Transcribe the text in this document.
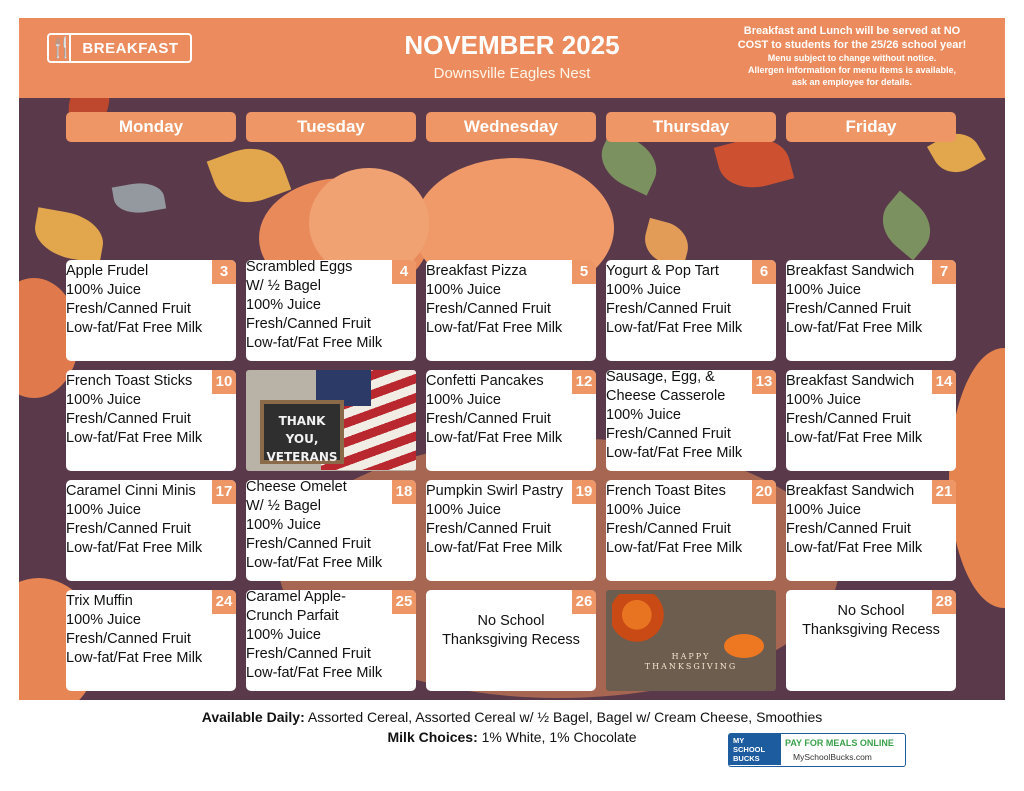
🍴 BREAKFAST	NOVEMBER 2025
Downsville Eagles Nest
Breakfast and Lunch will be served at NO
COST to students for the 25/26 school year!
Menu subject to change without notice.
Allergen information for menu items is available,
ask an employee for details.
Monday	Tuesday	Wednesday	Thursday	Friday
3
Apple Frudel
100% Juice
Fresh/Canned Fruit
Low-fat/Fat Free Milk
4
Scrambled Eggs
W/ ½ Bagel
100% Juice
Fresh/Canned Fruit
Low-fat/Fat Free Milk
5
Breakfast Pizza
100% Juice
Fresh/Canned Fruit
Low-fat/Fat Free Milk
6
Yogurt & Pop Tart
100% Juice
Fresh/Canned Fruit
Low-fat/Fat Free Milk
7
Breakfast Sandwich
100% Juice
Fresh/Canned Fruit
Low-fat/Fat Free Milk
10
French Toast Sticks
100% Juice
Fresh/Canned Fruit
Low-fat/Fat Free Milk
THANK YOU,
VETERANS
12
Confetti Pancakes
100% Juice
Fresh/Canned Fruit
Low-fat/Fat Free Milk
13
Sausage, Egg, &
Cheese Casserole
100% Juice
Fresh/Canned Fruit
Low-fat/Fat Free Milk
14
Breakfast Sandwich
100% Juice
Fresh/Canned Fruit
Low-fat/Fat Free Milk
17
Caramel Cinni Minis
100% Juice
Fresh/Canned Fruit
Low-fat/Fat Free Milk
18
Cheese Omelet
W/ ½ Bagel
100% Juice
Fresh/Canned Fruit
Low-fat/Fat Free Milk
19
Pumpkin Swirl Pastry
100% Juice
Fresh/Canned Fruit
Low-fat/Fat Free Milk
20
French Toast Bites
100% Juice
Fresh/Canned Fruit
Low-fat/Fat Free Milk
21
Breakfast Sandwich
100% Juice
Fresh/Canned Fruit
Low-fat/Fat Free Milk
24
Trix Muffin
100% Juice
Fresh/Canned Fruit
Low-fat/Fat Free Milk
25
Caramel Apple-
Crunch Parfait
100% Juice
Fresh/Canned Fruit
Low-fat/Fat Free Milk
26
No School
Thanksgiving Recess
HAPPY
THANKSGIVING
28
No School
Thanksgiving Recess
Available Daily: Assorted Cereal, Assorted Cereal w/ ½ Bagel, Bagel w/ Cream Cheese, Smoothies
Milk Choices: 1% White, 1% Chocolate	MY
SCHOOL
BUCKS
PAY FOR MEALS ONLINE
MySchoolBucks.com
